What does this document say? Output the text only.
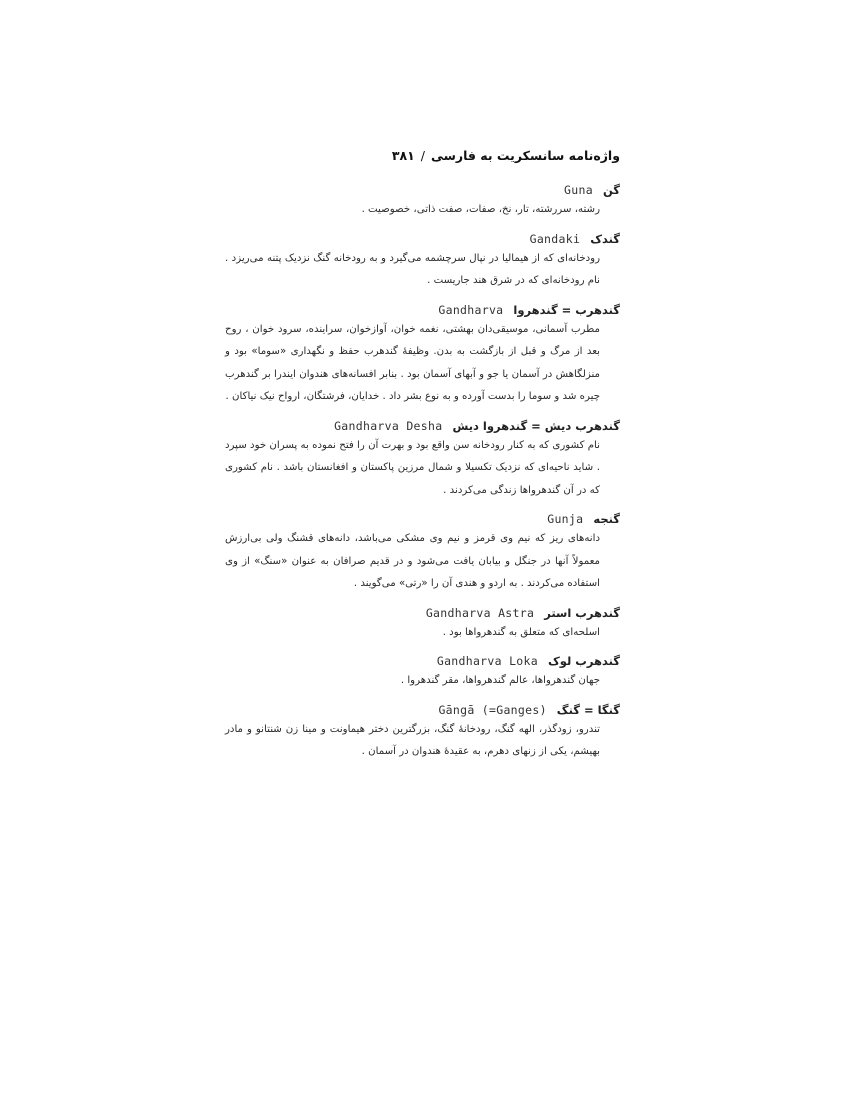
واژه‌نامه سانسکریت به فارسی
/
۳۸۱
گن
Guna
رشته، سررشته، تار، نخ، صفات، صفت ذاتی، خصوصیت .
گندک
Gandaki
رودخانه‌ای که از هیمالیا در نپال سرچشمه می‌گیرد و به رودخانه گنگ نزدیک پتنه می‌ریزد . نام رودخانه‌ای که در شرق هند جاریست .
گندهرب = گندهروا
Gandharva
مطرب آسمانی، موسیقی‌دان بهشتی، نغمه خوان، آوازخوان، سراینده، سرود خوان ، روح بعد از مرگ و قبل از بازگشت به بدن. وظیفهٔ گندهرب حفظ و نگهداری «سوما» بود و منزلگاهش در آسمان یا جو و آبهای آسمان بود . بنابر افسانه‌های هندوان ایندرا بر گندهرب چیره شد و سوما را بدست آورده و به نوع بشر داد . خدایان، فرشتگان، ارواح نیک نیاکان .
گندهرب دیش = گندهروا دیش
Gandharva Desha
نام کشوری که به کنار رودخانه سن واقع بود و بهرت آن را فتح نموده به پسران خود سپرد . شاید ناحیه‌ای که نزدیک تکسیلا و شمال مرزین پاکستان و افغانستان باشد . نام کشوری که در آن گندهرواها زندگی می‌کردند .
گنجه
Gunja
دانه‌های ریز که نیم وی قرمز و نیم وی مشکی می‌باشد، دانه‌های قشنگ ولی بی‌ارزش معمولاً آنها در جنگل و بیابان یافت می‌شود و در قدیم صرافان به عنوان «سنگ» از وی استفاده می‌کردند . به اردو و هندی آن را «رتی» می‌گویند .
گندهرب استر
Gandharva Astra
اسلحه‌ای که متعلق به گندهرواها بود .
گندهرب لوک
Gandharva Loka
جهان گندهرواها، عالم گندهرواها، مقر گندهروا .
گنگا = گنگ
Gāngā (=Ganges)
تندرو، زودگذر، الهه گنگ، رودخانهٔ گنگ، بزرگترین دختر هیماونت و مینا زن شنتانو و مادر بهیشم، یکی از زنهای دهرم، به عقیدهٔ هندوان در آسمان .
